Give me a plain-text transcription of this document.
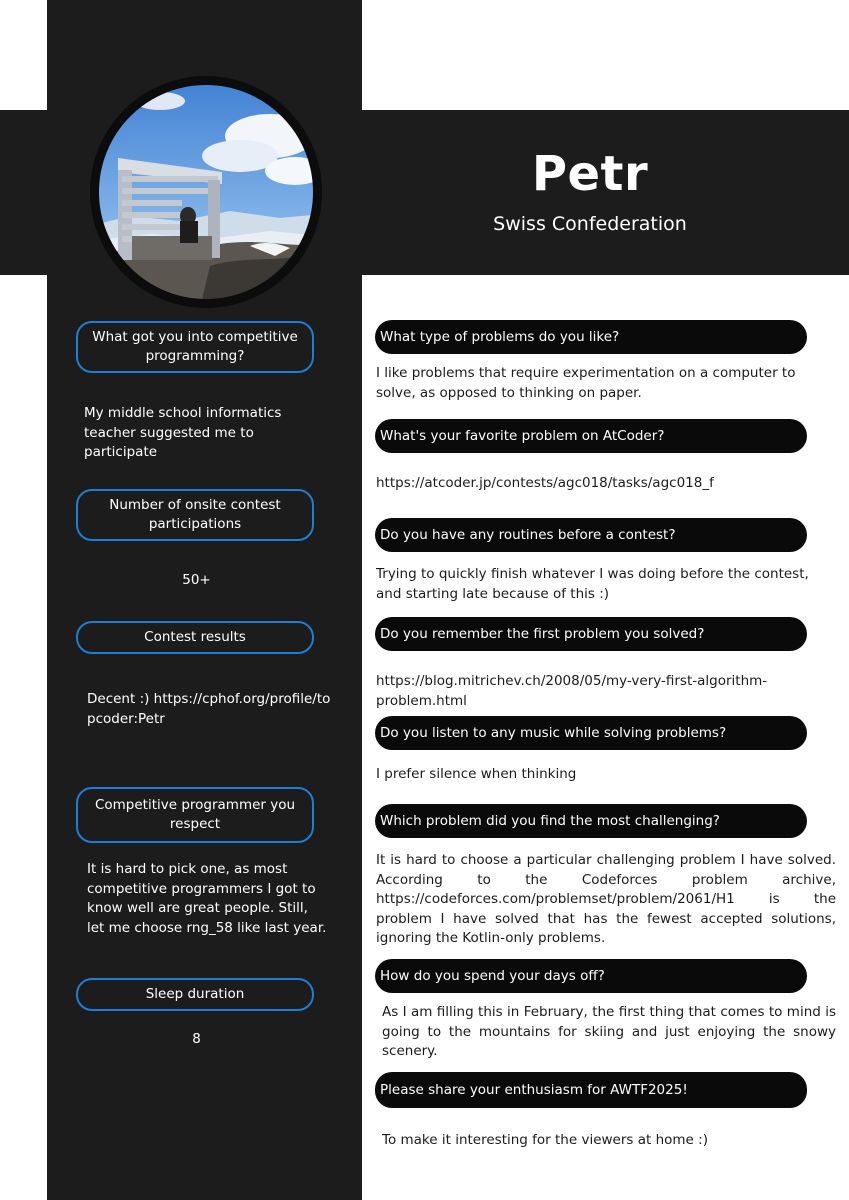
Petr
Swiss Confederation
What got you into competitive programming?
My middle school informatics teacher suggested me to participate
Number of onsite contest participations
50+
Contest results
Decent :) https://cphof.org/profile/topcoder:Petr
Competitive programmer you respect
It is hard to pick one, as most competitive programmers I got to know well are great people. Still, let me choose rng_58 like last year.
Sleep duration
8
What type of problems do you like?
I like problems that require experimentation on a computer to solve, as opposed to thinking on paper.
What's your favorite problem on AtCoder?
https://atcoder.jp/contests/agc018/tasks/agc018_f
Do you have any routines before a contest?
Trying to quickly finish whatever I was doing before the contest, and starting late because of this :)
Do you remember the first problem you solved?
https://blog.mitrichev.ch/2008/05/my-very-first-algorithm-problem.html
Do you listen to any music while solving problems?
I prefer silence when thinking
Which problem did you find the most challenging?
It is hard to choose a particular challenging problem I have solved. According to the Codeforces problem archive, https://codeforces.com/problemset/problem/2061/H1 is the problem I have solved that has the fewest accepted solutions, ignoring the Kotlin-only problems.
How do you spend your days off?
As I am filling this in February, the first thing that comes to mind is going to the mountains for skiing and just enjoying the snowy scenery.
Please share your enthusiasm for AWTF2025!
To make it interesting for the viewers at home :)
